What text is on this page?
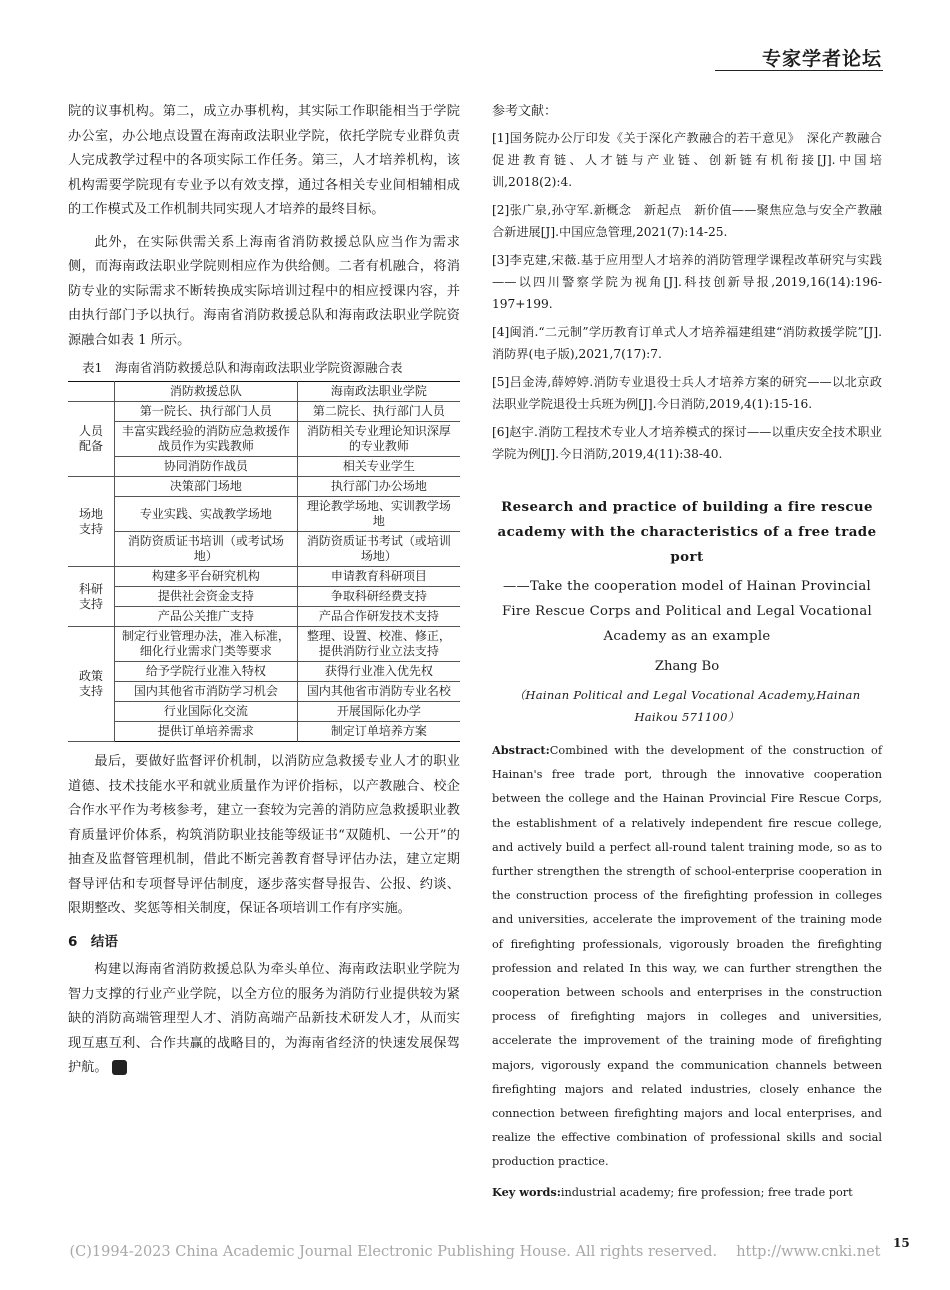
专家学者论坛

院的议事机构。第二，成立办事机构，其实际工作职能相当于学院办公室，办公地点设置在海南政法职业学院，依托学院专业群负责人完成教学过程中的各项实际工作任务。第三，人才培养机构，该机构需要学院现有专业予以有效支撑，通过各相关专业间相辅相成的工作模式及工作机制共同实现人才培养的最终目标。

此外，在实际供需关系上海南省消防救援总队应当作为需求侧，而海南政法职业学院则相应作为供给侧。二者有机融合，将消防专业的实际需求不断转换成实际培训过程中的相应授课内容，并由执行部门予以执行。海南省消防救援总队和海南政法职业学院资源融合如表 1 所示。

表1　海南省消防救援总队和海南政法职业学院资源融合表
	消防救援总队	海南政法职业学院
人员配备	第一院长、执行部门人员	第二院长、执行部门人员
	丰富实践经验的消防应急救援作战员作为实践教师	消防相关专业理论知识深厚的专业教师
	协同消防作战员	相关专业学生
场地支持	决策部门场地	执行部门办公场地
	专业实践、实战教学场地	理论教学场地、实训教学场地
	消防资质证书培训（或考试场地）	消防资质证书考试（或培训场地）
科研支持	构建多平台研究机构	申请教育科研项目
	提供社会资金支持	争取科研经费支持
	产品公关推广支持	产品合作研发技术支持
政策支持	制定行业管理办法，准入标准，细化行业需求门类等要求	整理、设置、校准、修正，提供消防行业立法支持
	给予学院行业准入特权	获得行业准入优先权
	国内其他省市消防学习机会	国内其他省市消防专业名校
	行业国际化交流	开展国际化办学
	提供订单培养需求	制定订单培养方案

最后，要做好监督评价机制，以消防应急救援专业人才的职业道德、技术技能水平和就业质量作为评价指标，以产教融合、校企合作水平作为考核参考，建立一套较为完善的消防应急救援职业教育质量评价体系，构筑消防职业技能等级证书“双随机、一公开”的抽查及监督管理机制，借此不断完善教育督导评估办法，建立定期督导评估和专项督导评估制度，逐步落实督导报告、公报、约谈、限期整改、奖惩等相关制度，保证各项培训工作有序实施。

6　结语

构建以海南省消防救援总队为牵头单位、海南政法职业学院为智力支撑的行业产业学院，以全方位的服务为消防行业提供较为紧缺的消防高端管理型人才、消防高端产品新技术研发人才，从而实现互惠互利、合作共赢的战略目的，为海南省经济的快速发展保驾护航。	G

参考文献：
[1]国务院办公厅印发《关于深化产教融合的若干意见》　深化产教融合　促进教育链、人才链与产业链、创新链有机衔接[J].中国培训,2018(2):4.
[2]张广泉,孙守军.新概念　新起点　新价值——聚焦应急与安全产教融合新进展[J].中国应急管理,2021(7):14-25.
[3]李克建,宋薇.基于应用型人才培养的消防管理学课程改革研究与实践——以四川警察学院为视角[J].科技创新导报,2019,16(14):196-197+199.
[4]闽消.“二元制”学历教育订单式人才培养福建组建“消防救援学院”[J].消防界(电子版),2021,7(17):7.
[5]吕金涛,薛婷婷.消防专业退役士兵人才培养方案的研究——以北京政法职业学院退役士兵班为例[J].今日消防,2019,4(1):15-16.
[6]赵宇.消防工程技术专业人才培养模式的探讨——以重庆安全技术职业学院为例[J].今日消防,2019,4(11):38-40.
Research and practice of building a fire rescue academy with the characteristics of a free trade port
——Take the cooperation model of Hainan Provincial Fire Rescue Corps and Political and Legal Vocational Academy as an example
Zhang Bo
（Hainan Political and Legal Vocational Academy,Hainan Haikou 571100）
Abstract:Combined with the development of the construction of Hainan's free trade port, through the innovative cooperation between the college and the Hainan Provincial Fire Rescue Corps, the establishment of a relatively independent fire rescue college, and actively build a perfect all-round talent training mode, so as to further strengthen the strength of school-enterprise cooperation in the construction process of the firefighting profession in colleges and universities, accelerate the improvement of the training mode of firefighting professionals, vigorously broaden the firefighting profession and related In this way, we can further strengthen the cooperation between schools and enterprises in the construction process of firefighting majors in colleges and universities, accelerate the improvement of the training mode of firefighting majors, vigorously expand the communication channels between firefighting majors and related industries, closely enhance the connection between firefighting majors and local enterprises, and realize the effective combination of professional skills and social production practice.
Key words:industrial academy; fire profession; free trade port
15
(C)1994-2023 China Academic Journal Electronic Publishing House. All rights reserved.　 http://www.cnki.net
